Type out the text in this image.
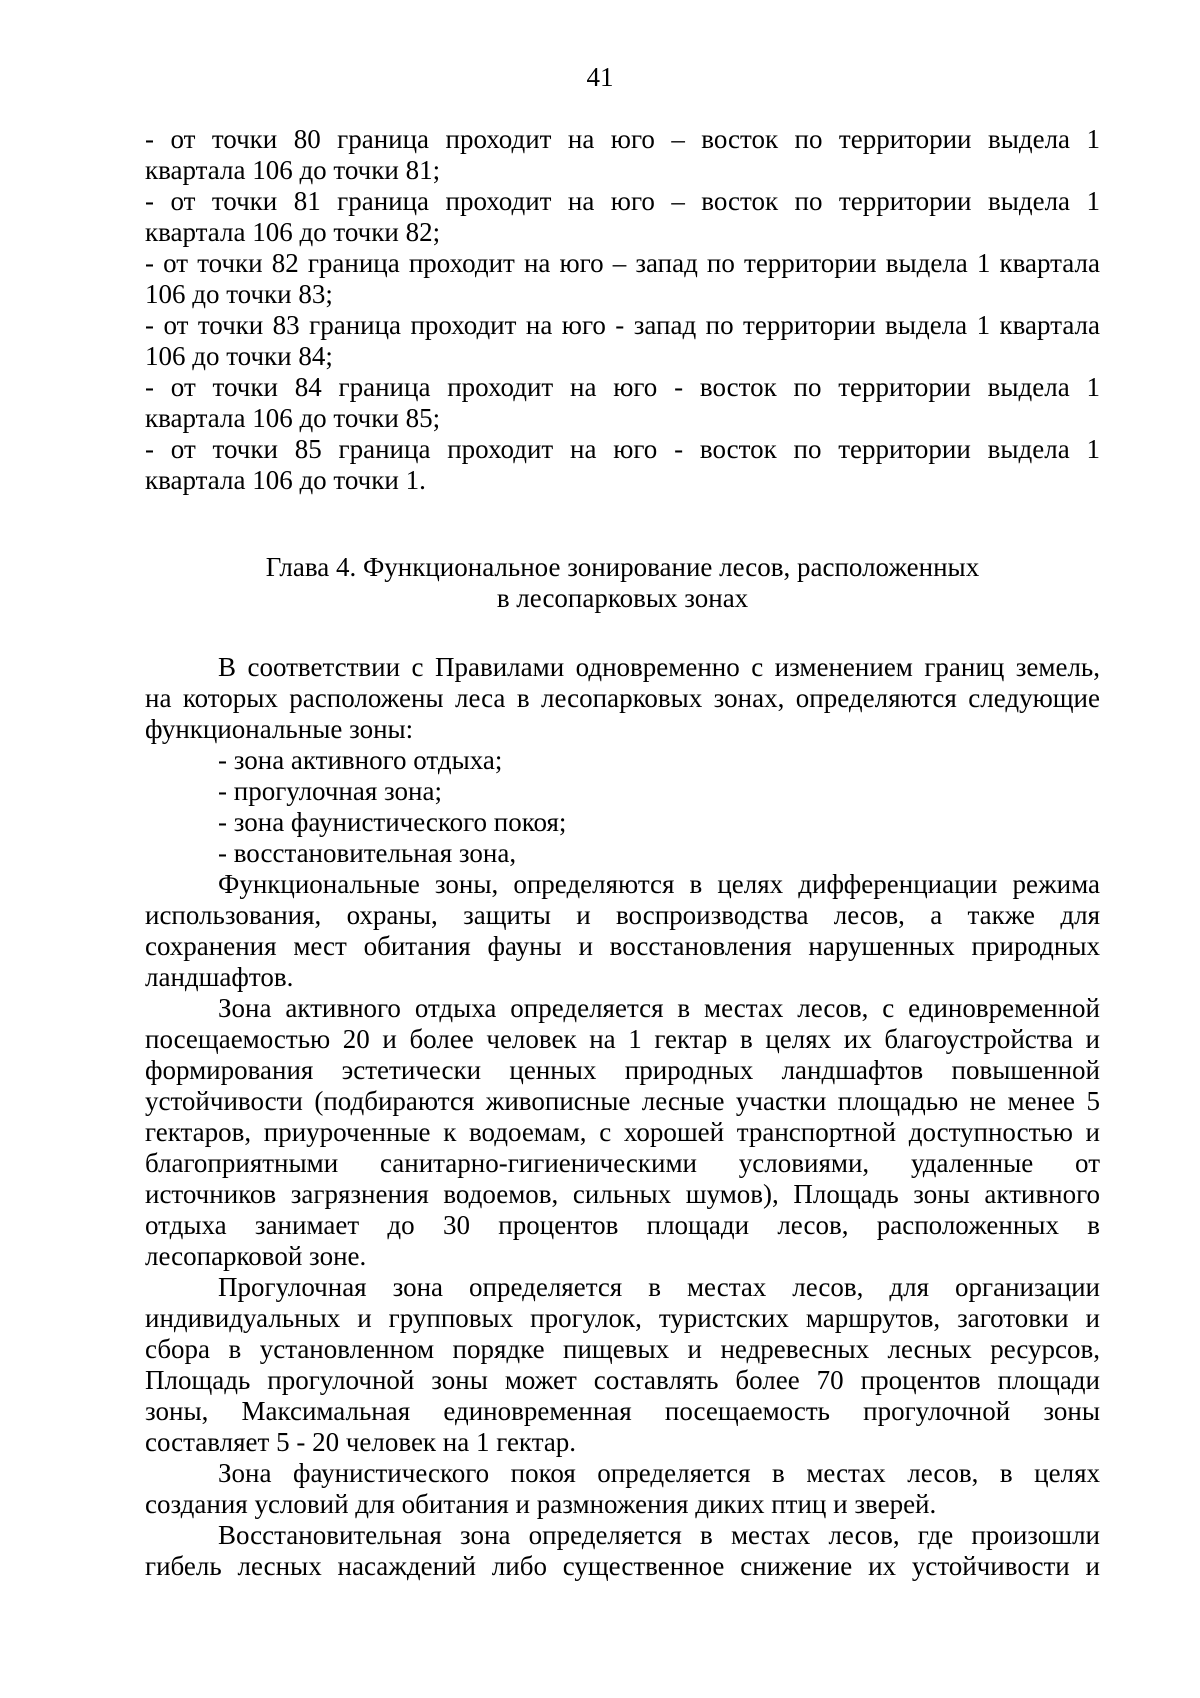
41

- от точки 80 граница проходит на юго – восток по территории выдела 1

квартала 106 до точки 81;

- от точки 81 граница проходит на юго – восток по территории выдела 1

квартала 106 до точки 82;

- от точки 82 граница проходит на юго – запад по территории выдела 1 квартала

106 до точки 83;

- от точки 83 граница проходит на юго - запад по территории выдела 1 квартала

106 до точки 84;

- от точки 84 граница проходит на юго - восток по территории выдела 1

квартала 106 до точки 85;

- от точки 85 граница проходит на юго - восток по территории выдела 1

квартала 106 до точки 1.

Глава 4. Функциональное зонирование лесов, расположенных

в лесопарковых зонах

В соответствии с Правилами одновременно с изменением границ земель,

на которых расположены леса в лесопарковых зонах, определяются следующие

функциональные зоны:

- зона активного отдыха;

- прогулочная зона;

- зона фаунистического покоя;

- восстановительная зона,

Функциональные зоны, определяются в целях дифференциации режима

использования, охраны, защиты и воспроизводства лесов, а также для

сохранения мест обитания фауны и восстановления нарушенных природных

ландшафтов.

Зона активного отдыха определяется в местах лесов, с единовременной

посещаемостью 20 и более человек на 1 гектар в целях их благоустройства и

формирования эстетически ценных природных ландшафтов повышенной

устойчивости (подбираются живописные лесные участки площадью не менее 5

гектаров, приуроченные к водоемам, с хорошей транспортной доступностью и

благоприятными санитарно-гигиеническими условиями, удаленные от

источников загрязнения водоемов, сильных шумов), Площадь зоны активного

отдыха занимает до 30 процентов площади лесов, расположенных в

лесопарковой зоне.

Прогулочная зона определяется в местах лесов, для организации

индивидуальных и групповых прогулок, туристских маршрутов, заготовки и

сбора в установленном порядке пищевых и недревесных лесных ресурсов,

Площадь прогулочной зоны может составлять более 70 процентов площади

зоны, Максимальная единовременная посещаемость прогулочной зоны

составляет 5 - 20 человек на 1 гектар.

Зона фаунистического покоя определяется в местах лесов, в целях

создания условий для обитания и размножения диких птиц и зверей.

Восстановительная зона определяется в местах лесов, где произошли

гибель лесных насаждений либо существенное снижение их устойчивости и
